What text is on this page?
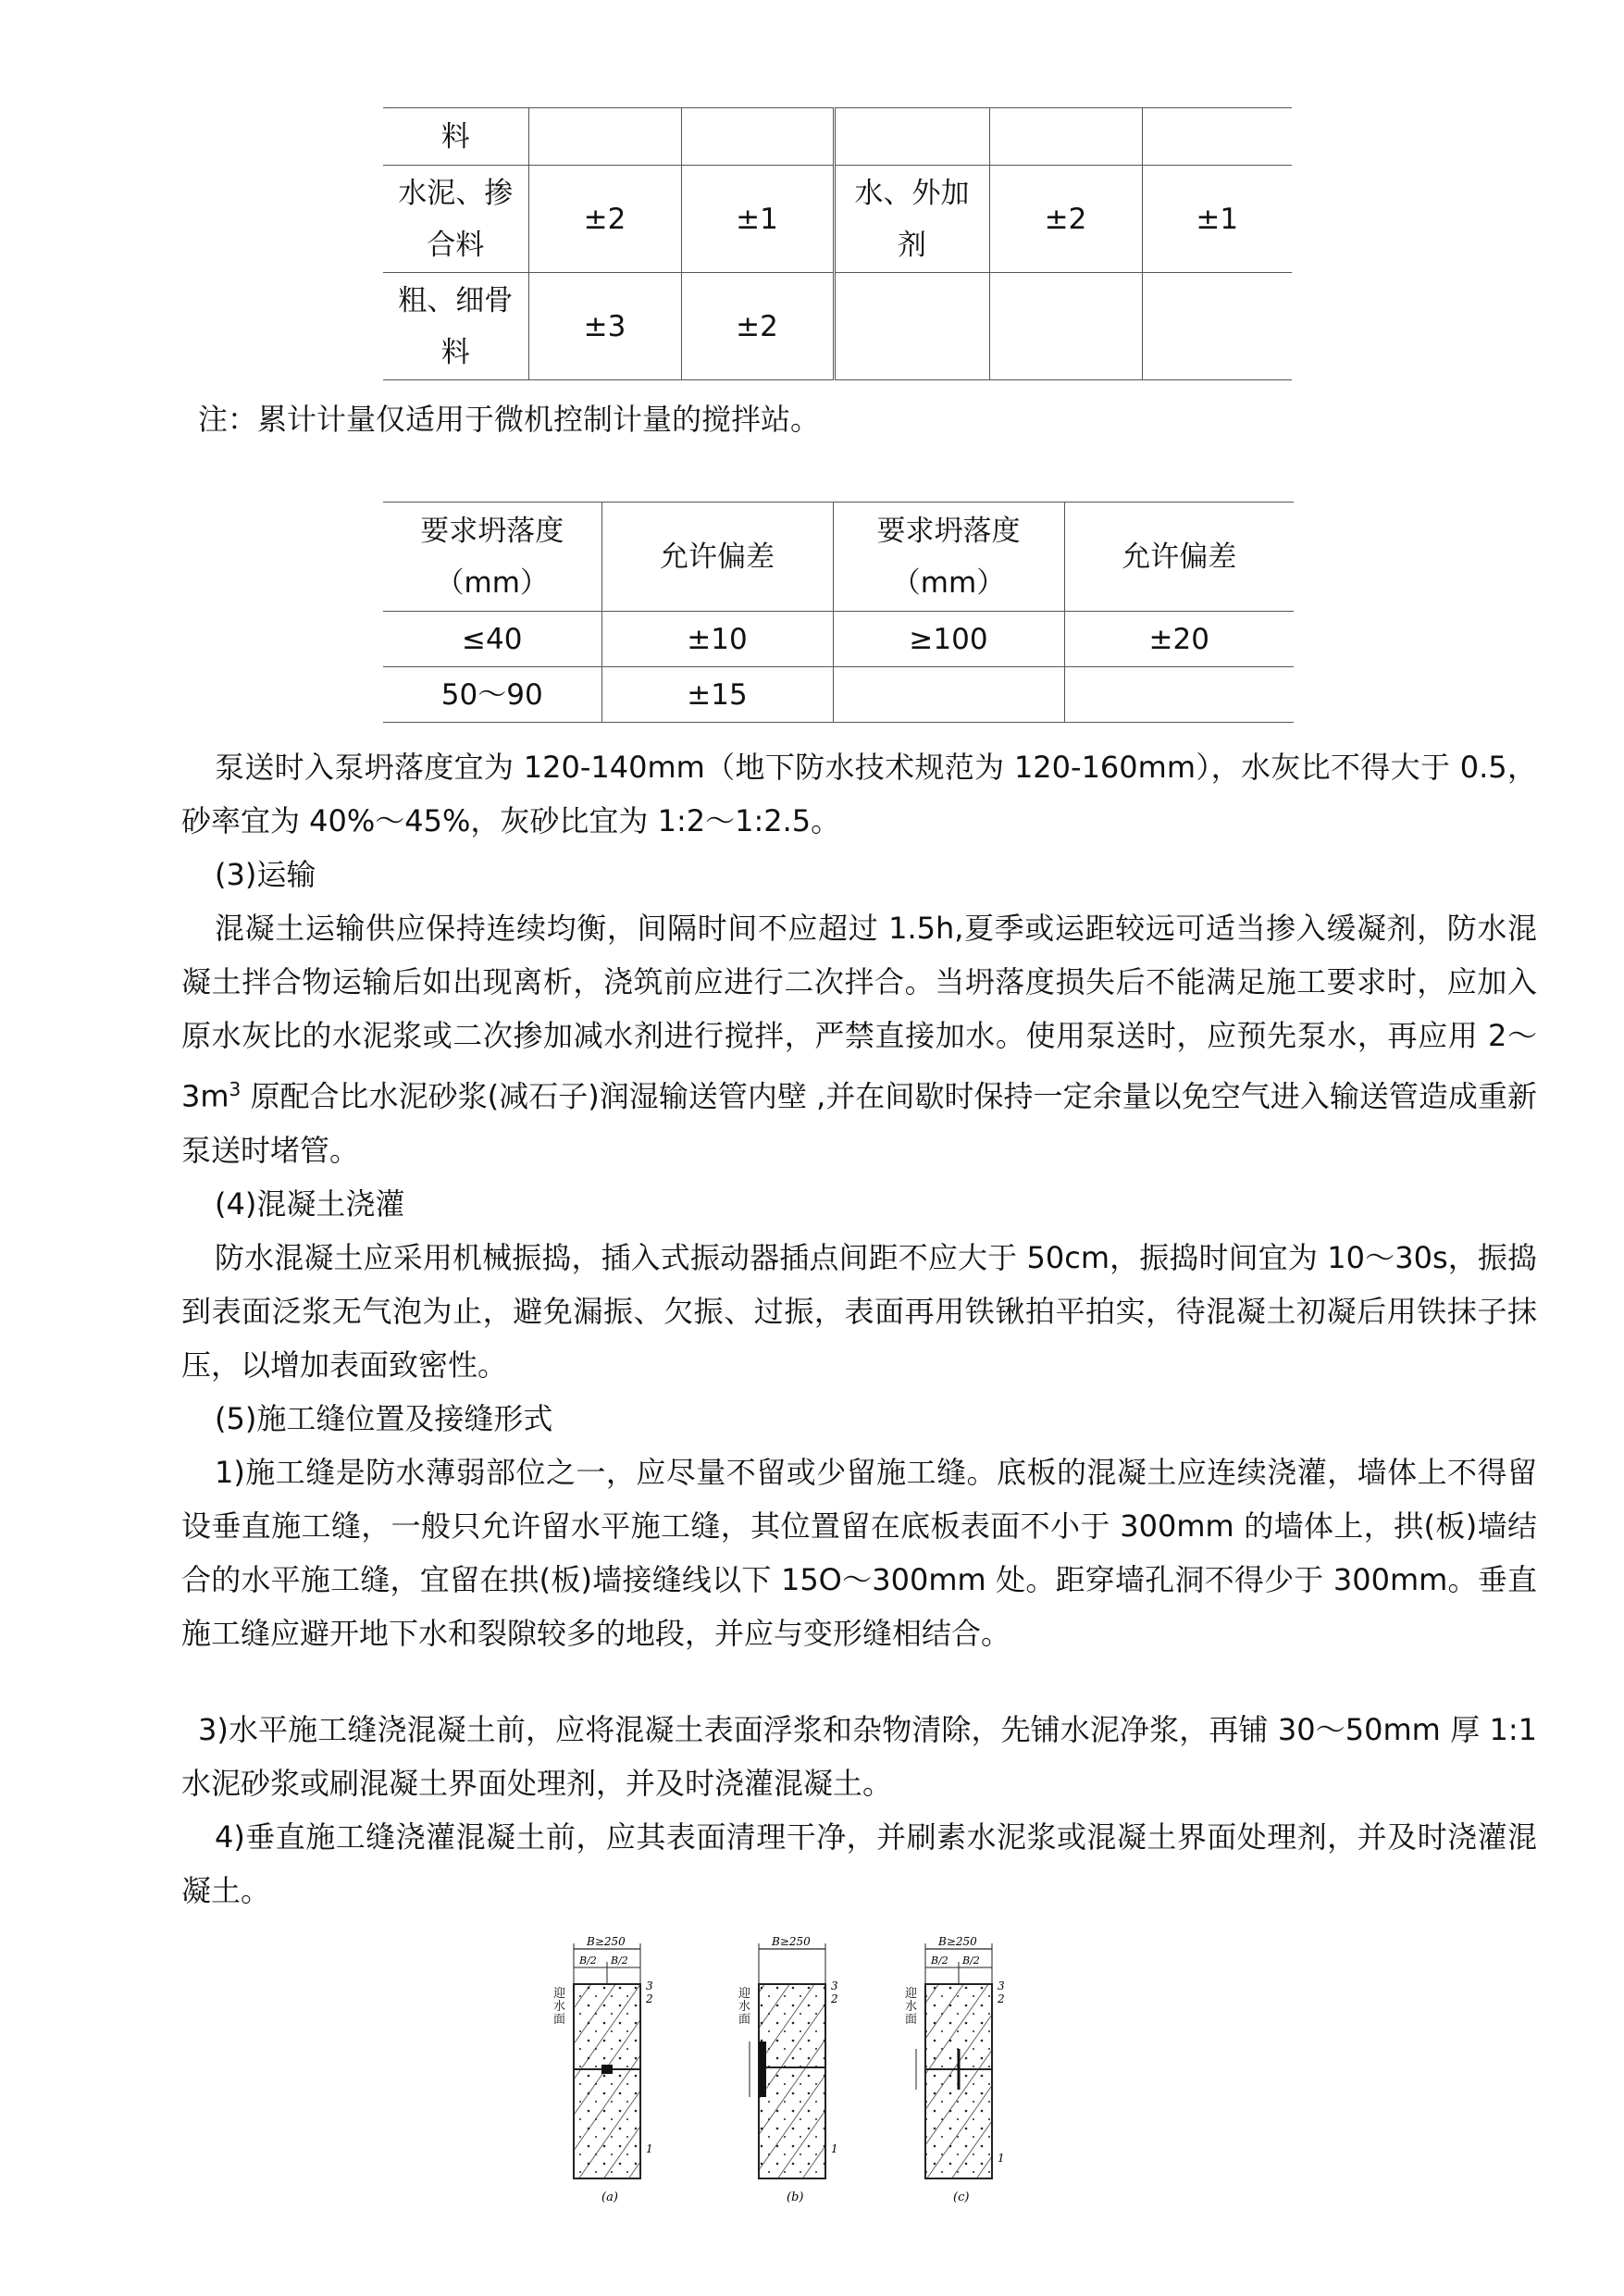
料					
水泥、掺合料	±2	±1	水、外加剂	±2	±1
粗、细骨料	±3	±2			
注：累计计量仅适用于微机控制计量的搅拌站。
要求坍落度（mm）	允许偏差	要求坍落度（mm）	允许偏差
≤40	±10	≥100	±20
50～90	±15		

泵送时入泵坍落度宜为 120-140mm（地下防水技术规范为 120-160mm），水灰比不得大于 0.5，砂率宜为 40%～45%，灰砂比宜为 1:2～1:2.5。

(3)运输

混凝土运输供应保持连续均衡，间隔时间不应超过 1.5h,夏季或运距较远可适当掺入缓凝剂，防水混凝土拌合物运输后如出现离析，浇筑前应进行二次拌合。当坍落度损失后不能满足施工要求时，应加入原水灰比的水泥浆或二次掺加减水剂进行搅拌，严禁直接加水。使用泵送时，应预先泵水，再应用 $2\sim 3m^3$ 原配合比水泥砂浆(减石子)润湿输送管内壁 ,并在间歇时保持一定余量以免空气进入输送管造成重新泵送时堵管。

(4)混凝土浇灌

防水混凝土应采用机械振捣，插入式振动器插点间距不应大于 50cm，振捣时间宜为 10～30s，振捣到表面泛浆无气泡为止，避免漏振、欠振、过振，表面再用铁锹拍平拍实，待混凝土初凝后用铁抹子抹压，以增加表面致密性。

(5)施工缝位置及接缝形式

1)施工缝是防水薄弱部位之一，应尽量不留或少留施工缝。底板的混凝土应连续浇灌，墙体上不得留设垂直施工缝，一般只允许留水平施工缝，其位置留在底板表面不小于 300mm 的墙体上，拱(板)墙结合的水平施工缝，宜留在拱(板)墙接缝线以下 15O～300mm 处。距穿墙孔洞不得少于 300mm。垂直施工缝应避开地下水和裂隙较多的地段，并应与变形缝相结合。

3)水平施工缝浇混凝土前，应将混凝土表面浮浆和杂物清除，先铺水泥净浆，再铺 30～50mm 厚 1:1 水泥砂浆或刷混凝土界面处理剂，并及时浇灌混凝土。

4)垂直施工缝浇灌混凝土前，应其表面清理干净，并刷素水泥浆或混凝土界面处理剂，并及时浇灌混凝土。

B≥250
B/2 B/2
3
2
1
(a)
B≥250
3
2
1
(b)
B≥250
B/2 B/2
3
2
1
(c)
迎水面
迎水面
迎水面
